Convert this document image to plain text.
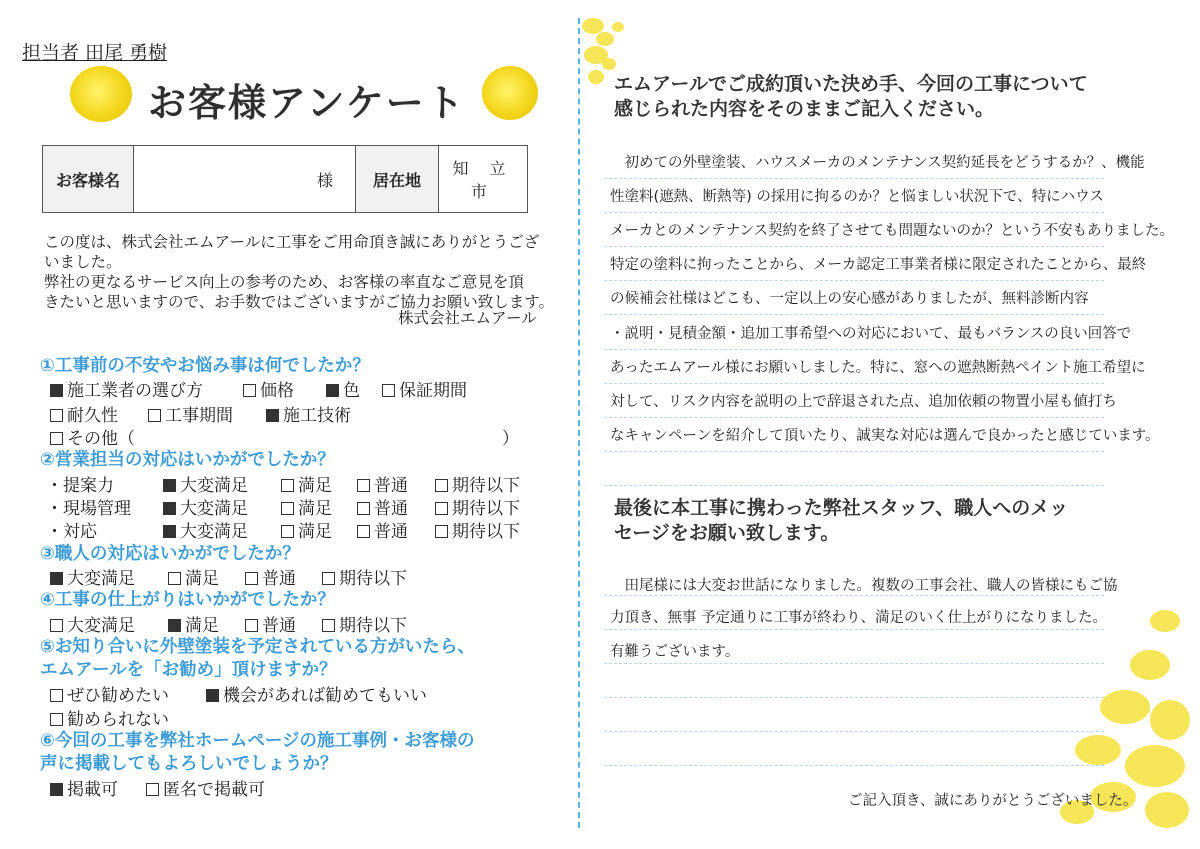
担当者 田尾 勇樹
お客様アンケート
お客様名	様	居在地	知 立 市
この度は、株式会社エムアールに工事をご用命頂き誠にありがとうござ
いました。
弊社の更なるサービス向上の参考のため、お客様の率直なご意見を頂
きたいと思いますので、お手数ではございますがご協力お願い致します。
株式会社エムアール
①工事前の不安やお悩み事は何でしたか？
施工業者の選び方	価格	色	保証期間
耐久性	工事期間	施工技術
その他（	）
②営業担当の対応はいかがでしたか？
・提案力	大変満足	満足	普通	期待以下
・現場管理	大変満足	満足	普通	期待以下
・対応	大変満足	満足	普通	期待以下
③職人の対応はいかがでしたか？
大変満足	満足	普通	期待以下
④工事の仕上がりはいかがでしたか？
大変満足	満足	普通	期待以下
⑤お知り合いに外壁塗装を予定されている方がいたら、
エムアールを「お勧め」頂けますか？
ぜひ勧めたい	機会があれば勧めてもいい
勧められない
⑥今回の工事を弊社ホームページの施工事例・お客様の
声に掲載してもよろしいでしょうか？
掲載可	匿名で掲載可
エムアールでご成約頂いた決め手、今回の工事について
感じられた内容をそのままご記入ください。
　初めての外壁塗装、ハウスメーカのメンテナンス契約延長をどうするか？、機能
性塗料(遮熱、断熱等) の採用に拘るのか？と悩ましい状況下で、特にハウス
メーカとのメンテナンス契約を終了させても問題ないのか？という不安もありました。
特定の塗料に拘ったことから、メーカ認定工事業者様に限定されたことから、最終
の候補会社様はどこも、一定以上の安心感がありましたが、無料診断内容
・説明・見積金額・追加工事希望への対応において、最もバランスの良い回答で
あったエムアール様にお願いしました。特に、窓への遮熱断熱ペイント施工希望に
対して、リスク内容を説明の上で辞退された点、追加依頼の物置小屋も値打ち
なキャンペーンを紹介して頂いたり、誠実な対応は選んで良かったと感じています。
最後に本工事に携わった弊社スタッフ、職人へのメッ
セージをお願い致します。
　田尾様には大変お世話になりました。複数の工事会社、職人の皆様にもご協
力頂き、無事 予定通りに工事が終わり、満足のいく仕上がりになりました。
有難うございます。
ご記入頂き、誠にありがとうございました。
